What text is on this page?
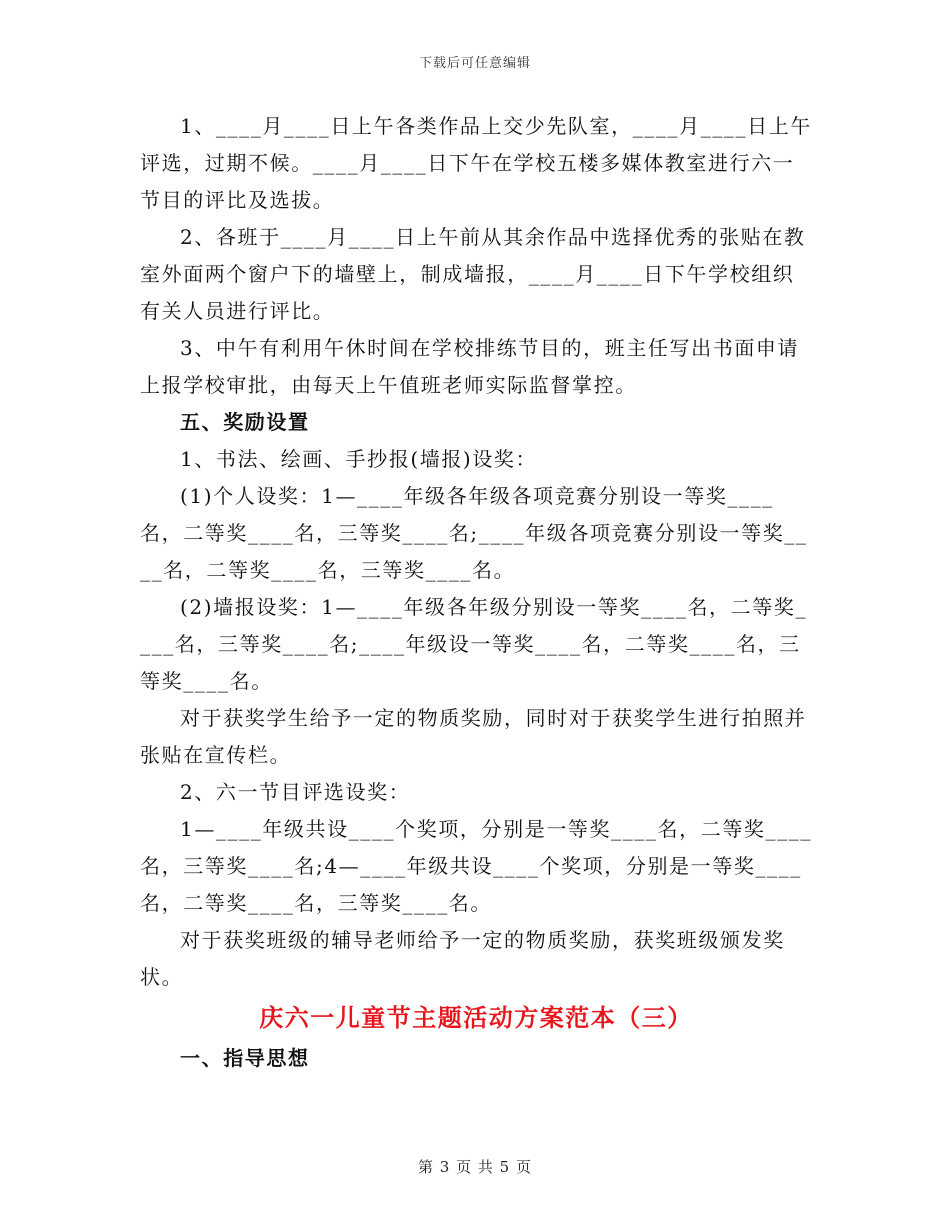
下载后可任意编辑

1、____月____日上午各类作品上交少先队室，____月____日上午评选，过期不候。____月____日下午在学校五楼多媒体教室进行六一节目的评比及选拔。

2、各班于____月____日上午前从其余作品中选择优秀的张贴在教室外面两个窗户下的墙壁上，制成墙报，____月____日下午学校组织有关人员进行评比。

3、中午有利用午休时间在学校排练节目的，班主任写出书面申请上报学校审批，由每天上午值班老师实际监督掌控。

五、奖励设置

1、书法、绘画、手抄报(墙报)设奖：

(1)个人设奖：1—____年级各年级各项竞赛分别设一等奖____名，二等奖____名，三等奖____名;____年级各项竞赛分别设一等奖____名，二等奖____名，三等奖____名。

(2)墙报设奖：1—____年级各年级分别设一等奖____名，二等奖____名，三等奖____名;____年级设一等奖____名，二等奖____名，三等奖____名。

对于获奖学生给予一定的物质奖励，同时对于获奖学生进行拍照并张贴在宣传栏。

2、六一节目评选设奖：

1—____年级共设____个奖项，分别是一等奖____名，二等奖____名，三等奖____名;4—____年级共设____个奖项，分别是一等奖____名，二等奖____名，三等奖____名。

对于获奖班级的辅导老师给予一定的物质奖励，获奖班级颁发奖状。

庆六一儿童节主题活动方案范本（三）

一、指导思想

第 3 页 共 5 页
